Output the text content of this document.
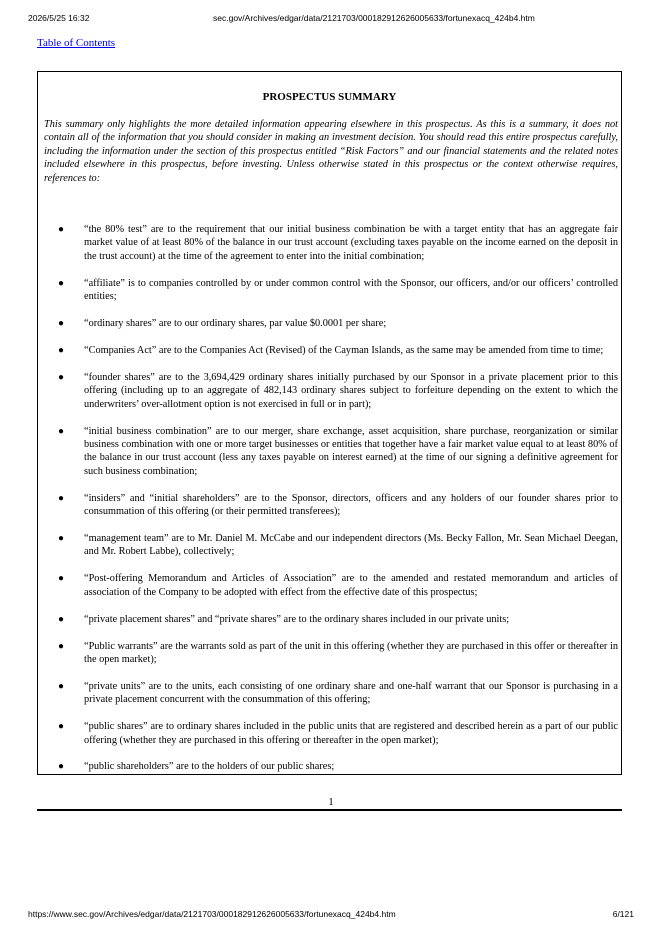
2026/5/25 16:32	sec.gov/Archives/edgar/data/2121703/000182912626005633/fortunexacq_424b4.htm
Table of Contents
PROSPECTUS SUMMARY

This summary only highlights the more detailed information appearing elsewhere in this prospectus. As this is a summary, it does not contain all of the information that you should consider in making an investment decision. You should read this entire prospectus carefully, including the information under the section of this prospectus entitled “Risk Factors” and our financial statements and the related notes included elsewhere in this prospectus, before investing. Unless otherwise stated in this prospectus or the context otherwise requires, references to:

● “the 80% test” are to the requirement that our initial business combination be with a target entity that has an aggregate fair market value of at least 80% of the balance in our trust account (excluding taxes payable on the income earned on the deposit in the trust account) at the time of the agreement to enter into the initial combination;
● “affiliate” is to companies controlled by or under common control with the Sponsor, our officers, and/or our officers’ controlled entities;
● “ordinary shares” are to our ordinary shares, par value $0.0001 per share;
● “Companies Act” are to the Companies Act (Revised) of the Cayman Islands, as the same may be amended from time to time;
● “founder shares” are to the 3,694,429 ordinary shares initially purchased by our Sponsor in a private placement prior to this offering (including up to an aggregate of 482,143 ordinary shares subject to forfeiture depending on the extent to which the underwriters’ over-allotment option is not exercised in full or in part);
● “initial business combination” are to our merger, share exchange, asset acquisition, share purchase, reorganization or similar business combination with one or more target businesses or entities that together have a fair market value equal to at least 80% of the balance in our trust account (less any taxes payable on interest earned) at the time of our signing a definitive agreement for such business combination;
● “insiders” and “initial shareholders” are to the Sponsor, directors, officers and any holders of our founder shares prior to consummation of this offering (or their permitted transferees);
● “management team” are to Mr. Daniel M. McCabe and our independent directors (Ms. Becky Fallon, Mr. Sean Michael Deegan, and Mr. Robert Labbe), collectively;
● “Post-offering Memorandum and Articles of Association” are to the amended and restated memorandum and articles of association of the Company to be adopted with effect from the effective date of this prospectus;
● “private placement shares” and “private shares” are to the ordinary shares included in our private units;
● “Public warrants” are the warrants sold as part of the unit in this offering (whether they are purchased in this offer or thereafter in the open market);
● “private units” are to the units, each consisting of one ordinary share and one-half warrant that our Sponsor is purchasing in a private placement concurrent with the consummation of this offering;
● “public shares” are to ordinary shares included in the public units that are registered and described herein as a part of our public offering (whether they are purchased in this offering or thereafter in the open market);
● “public shareholders” are to the holders of our public shares;
1
https://www.sec.gov/Archives/edgar/data/2121703/000182912626005633/fortunexacq_424b4.htm	6/121
